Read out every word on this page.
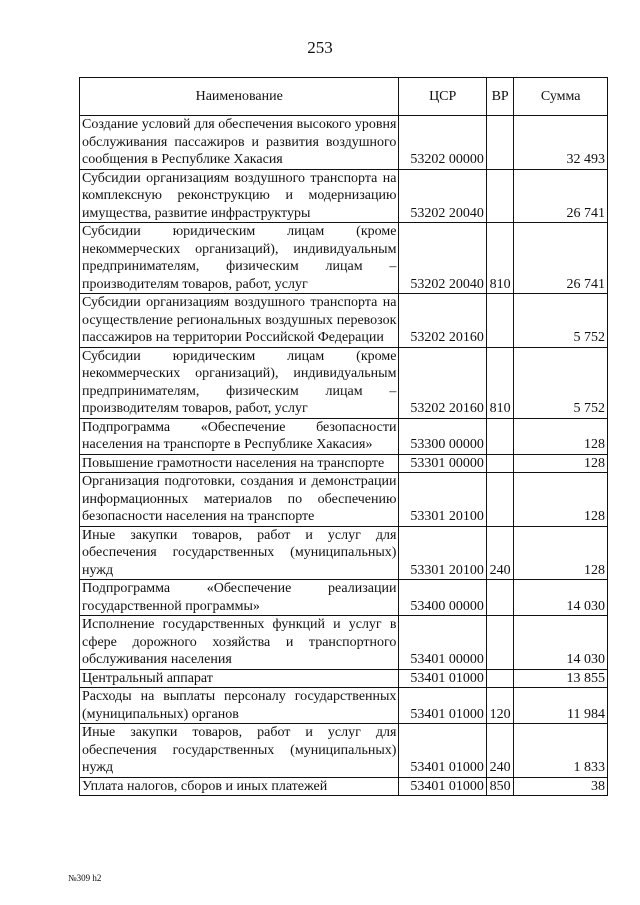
253
Наименование	ЦСР	ВР	Сумма
Создание условий для обеспечения высокого уровня обслуживания пассажиров и развития воздушного сообщения в Республике Хакасия	53202 00000		32 493
Субсидии организациям воздушного транспорта на комплексную реконструкцию и модернизацию имущества, развитие инфраструктуры	53202 20040		26 741
Субсидии юридическим лицам (кроме некоммерческих организаций), индивидуальным предпринимателям, физическим лицам – производителям товаров, работ, услуг	53202 20040	810	26 741
Субсидии организациям воздушного транспорта на осуществление региональных воздушных перевозок пассажиров на территории Российской Федерации	53202 20160		5 752
Субсидии юридическим лицам (кроме некоммерческих организаций), индивидуальным предпринимателям, физическим лицам – производителям товаров, работ, услуг	53202 20160	810	5 752
Подпрограмма «Обеспечение безопасности населения на транспорте в Республике Хакасия»	53300 00000		128
Повышение грамотности населения на транспорте	53301 00000		128
Организация подготовки, создания и демонстрации информационных материалов по обеспечению безопасности населения на транспорте	53301 20100		128
Иные закупки товаров, работ и услуг для обеспечения государственных (муниципальных) нужд	53301 20100	240	128
Подпрограмма «Обеспечение реализации государственной программы»	53400 00000		14 030
Исполнение государственных функций и услуг в сфере дорожного хозяйства и транспортного обслуживания населения	53401 00000		14 030
Центральный аппарат	53401 01000		13 855
Расходы на выплаты персоналу государственных (муниципальных) органов	53401 01000	120	11 984
Иные закупки товаров, работ и услуг для обеспечения государственных (муниципальных) нужд	53401 01000	240	1 833
Уплата налогов, сборов и иных платежей	53401 01000	850	38
№309 h2
